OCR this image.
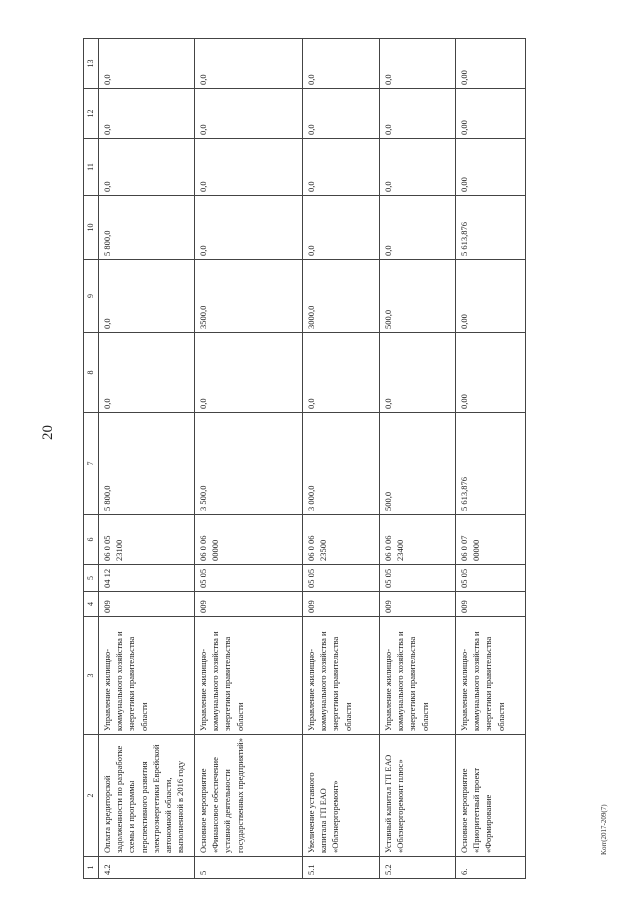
20
Korr(2017-209(7)
1	2	3	4	5	6	7	8	9	10	11	12	13
4.2	Оплата кредиторской задолженности по разработке схемы и программы перспективного развития электроэнергетики Еврейской автономной области, выполненной в 2016 году	Управление жилищно-коммунального хозяйства и энергетики правительства области	009	04 12	06 0 05 23100	5 800,0	0,0	0,0	5 800,0	0,0	0,0	0,0
5	Основное мероприятие «Финансовое обеспечение уставной деятельности государственных предприятий»	Управление жилищно-коммунального хозяйства и энергетики правительства области	009	05 05	06 0 06 00000	3 500,0	0,0	3500,0	0,0	0,0	0,0	0,0
5.1	Увеличение уставного капитала ГП ЕАО «Облэнергоремонт»	Управление жилищно-коммунального хозяйства и энергетики правительства области	009	05 05	06 0 06 23500	3 000,0	0,0	3000,0	0,0	0,0	0,0	0,0
5.2	Уставный капитал ГП ЕАО «Облэнергоремонт плюс»	Управление жилищно-коммунального хозяйства и энергетики правительства области	009	05 05	06 0 06 23400	500,0	0,0	500,0	0,0	0,0	0,0	0,0
6.	Основное мероприятие «Приоритетный проект «Формирование	Управление жилищно-коммунального хозяйства и энергетики правительства области	009	05 05	06 0 07 00000	5 613,876	0,00	0,00	5 613,876	0,00	0,00	0,00
